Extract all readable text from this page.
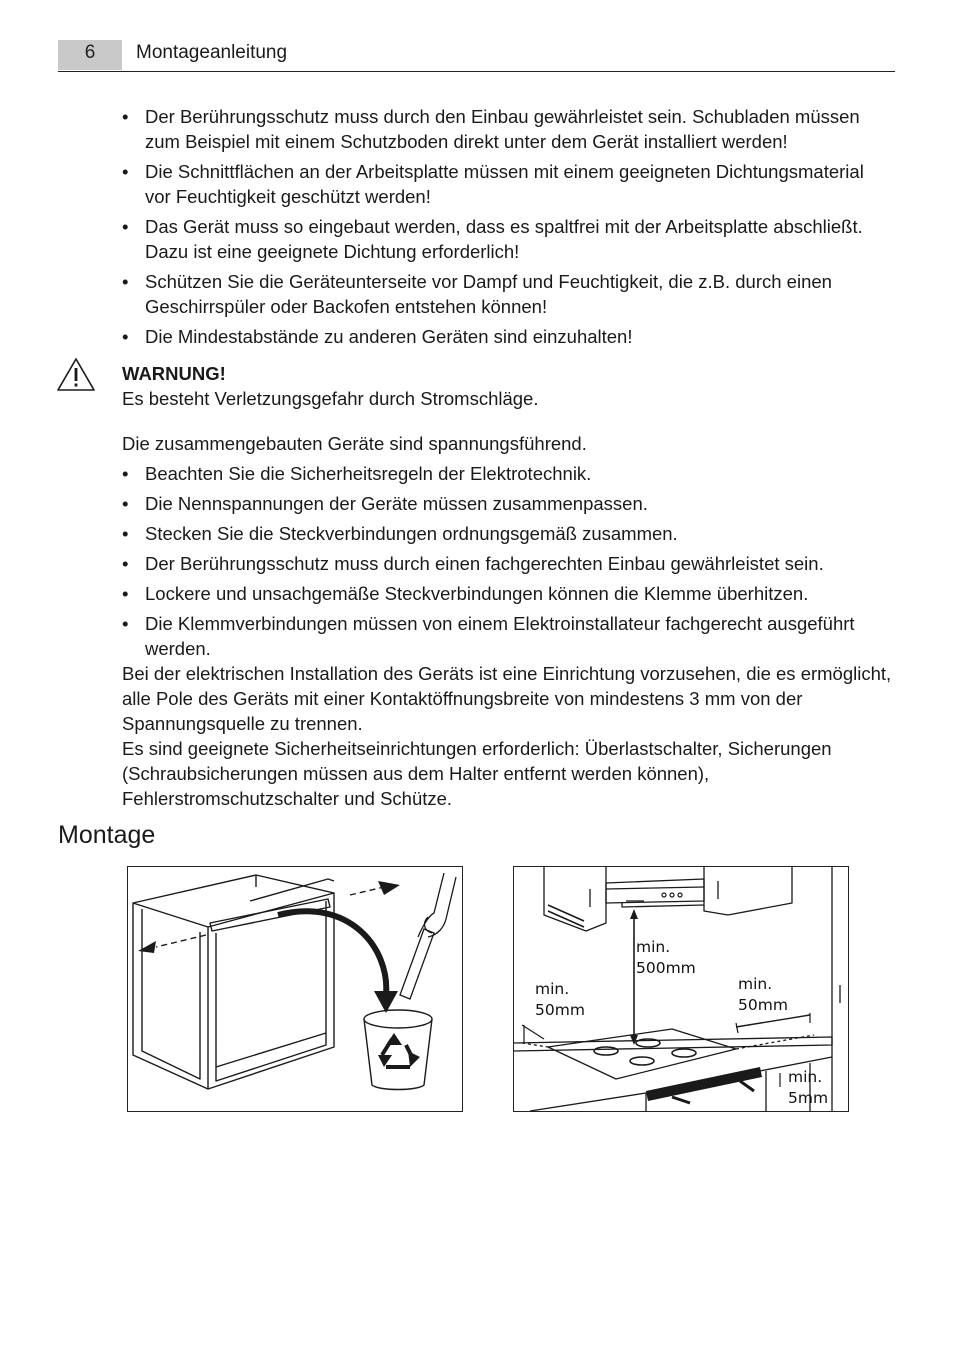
6	Montageanleitung
• Der Berührungsschutz muss durch den Einbau gewährleistet sein. Schubladen müssen zum Beispiel mit einem Schutzboden direkt unter dem Gerät installiert werden!
• Die Schnittflächen an der Arbeitsplatte müssen mit einem geeigneten Dichtungsmaterial vor Feuchtigkeit geschützt werden!
• Das Gerät muss so eingebaut werden, dass es spaltfrei mit der Arbeitsplatte abschließt. Dazu ist eine geeignete Dichtung erforderlich!
• Schützen Sie die Geräteunterseite vor Dampf und Feuchtigkeit, die z.B. durch einen Geschirrspüler oder Backofen entstehen können!
• Die Mindestabstände zu anderen Geräten sind einzuhalten!
WARNUNG!
Es besteht Verletzungsgefahr durch Stromschläge.
Die zusammengebauten Geräte sind spannungsführend.
• Beachten Sie die Sicherheitsregeln der Elektrotechnik.
• Die Nennspannungen der Geräte müssen zusammenpassen.
• Stecken Sie die Steckverbindungen ordnungsgemäß zusammen.
• Der Berührungsschutz muss durch einen fachgerechten Einbau gewährleistet sein.
• Lockere und unsachgemäße Steckverbindungen können die Klemme überhitzen.
• Die Klemmverbindungen müssen von einem Elektroinstallateur fachgerecht ausgeführt werden.

Bei der elektrischen Installation des Geräts ist eine Einrichtung vorzusehen, die es ermöglicht, alle Pole des Geräts mit einer Kontaktöffnungsbreite von mindestens 3 mm von der Spannungsquelle zu trennen.

Es sind geeignete Sicherheitseinrichtungen erforderlich: Überlastschalter, Sicherungen (Schraubsicherungen müssen aus dem Halter entfernt werden können), Fehlerstromschutzschalter und Schütze.

Montage
min.
500mm
min.
50mm
min.
50mm
min.
5mm
